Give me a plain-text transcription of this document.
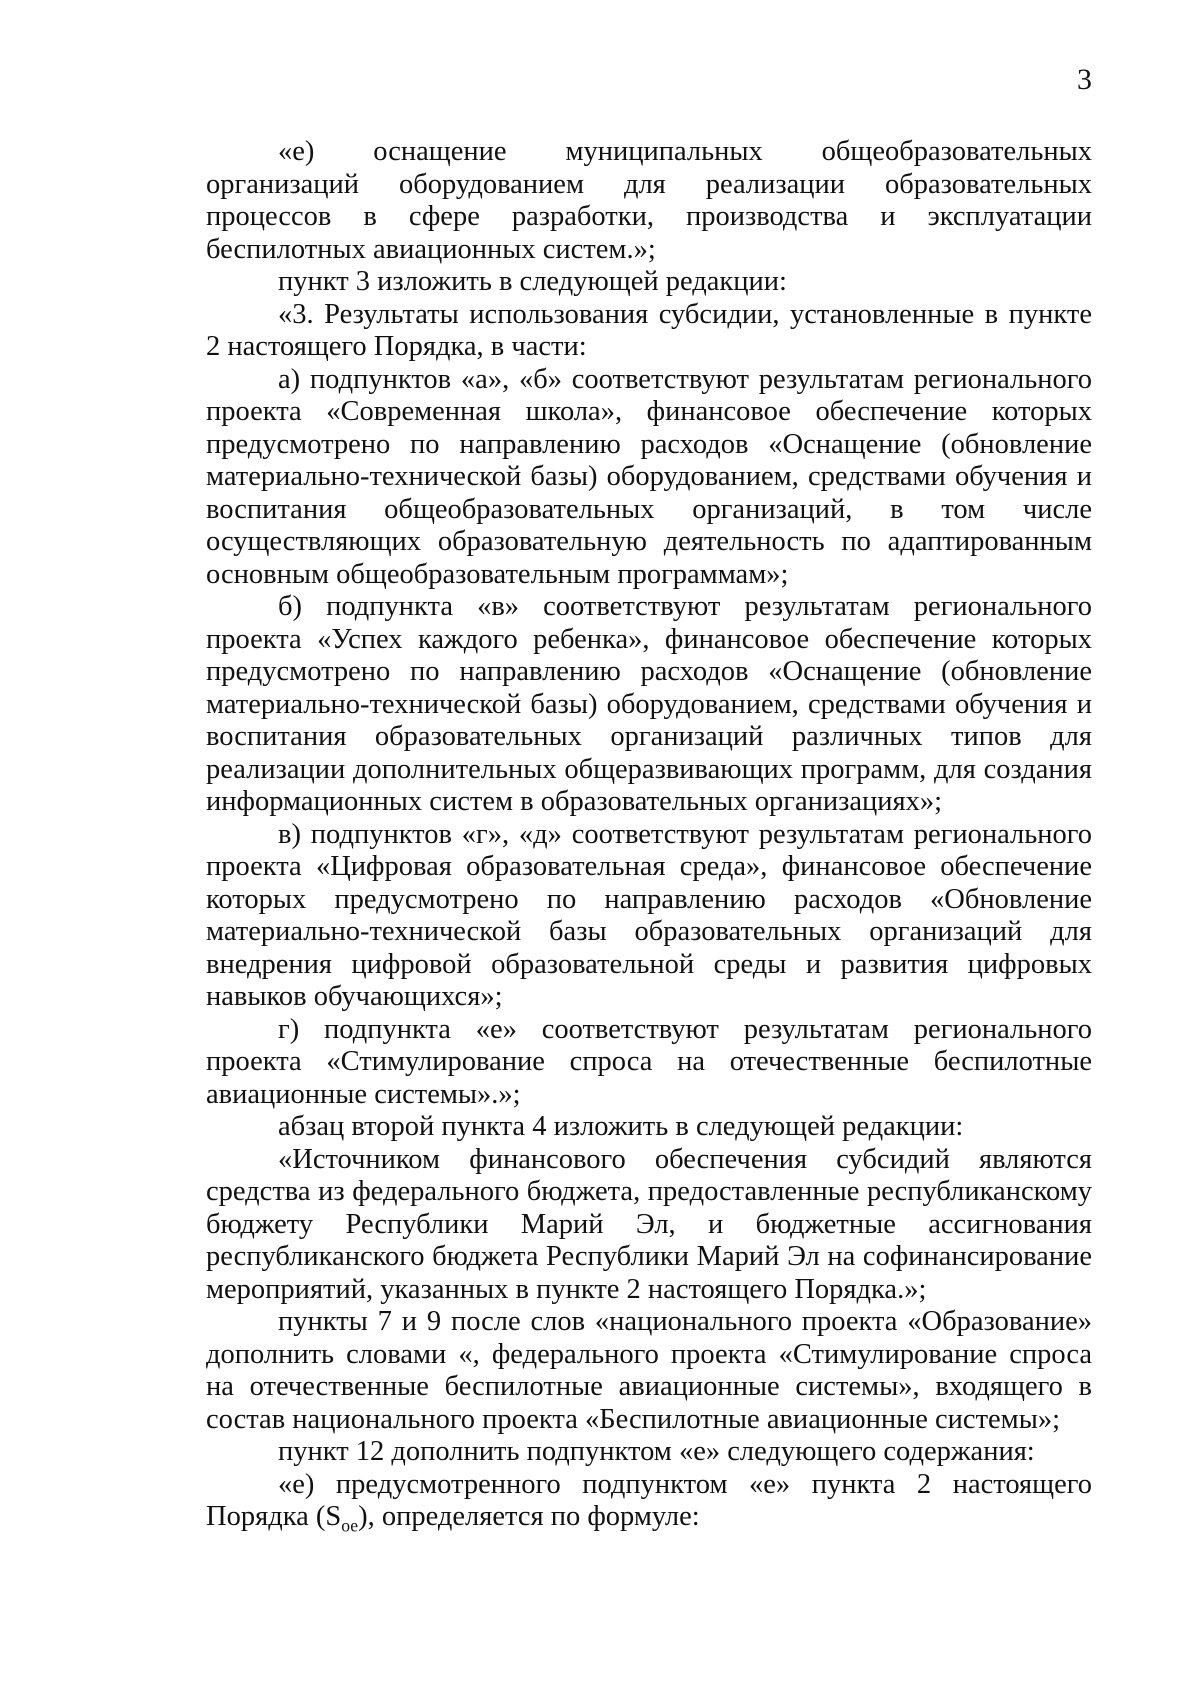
3

«е) оснащение муниципальных общеобразовательных организаций оборудованием для реализации образовательных процессов в сфере разработки, производства и эксплуатации беспилотных авиационных систем.»;

пункт 3 изложить в следующей редакции:

«3. Результаты использования субсидии, установленные в пункте 2 настоящего Порядка, в части:

а) подпунктов «а», «б» соответствуют результатам регионального проекта «Современная школа», финансовое обеспечение которых предусмотрено по направлению расходов «Оснащение (обновление материально-технической базы) оборудованием, средствами обучения и воспитания общеобразовательных организаций, в том числе осуществляющих образовательную деятельность по адаптированным основным общеобразовательным программам»;

б) подпункта «в» соответствуют результатам регионального проекта «Успех каждого ребенка», финансовое обеспечение которых предусмотрено по направлению расходов «Оснащение (обновление материально-технической базы) оборудованием, средствами обучения и воспитания образовательных организаций различных типов для реализации дополнительных общеразвивающих программ, для создания информационных систем в образовательных организациях»;

в) подпунктов «г», «д» соответствуют результатам регионального проекта «Цифровая образовательная среда», финансовое обеспечение которых предусмотрено по направлению расходов «Обновление материально-технической базы образовательных организаций для внедрения цифровой образовательной среды и развития цифровых навыков обучающихся»;

г) подпункта «е» соответствуют результатам регионального проекта «Стимулирование спроса на отечественные беспилотные авиационные системы».»;

абзац второй пункта 4 изложить в следующей редакции:

«Источником финансового обеспечения субсидий являются средства из федерального бюджета, предоставленные республиканскому бюджету Республики Марий Эл, и бюджетные ассигнования республиканского бюджета Республики Марий Эл на софинансирование мероприятий, указанных в пункте 2 настоящего Порядка.»;

пункты 7 и 9 после слов «национального проекта «Образование» дополнить словами «, федерального проекта «Стимулирование спроса на отечественные беспилотные авиационные системы», входящего в состав национального проекта «Беспилотные авиационные системы»;

пункт 12 дополнить подпунктом «е» следующего содержания:

«е) предусмотренного подпунктом «е» пункта 2 настоящего Порядка $(S_{ое})$, определяется по формуле:
